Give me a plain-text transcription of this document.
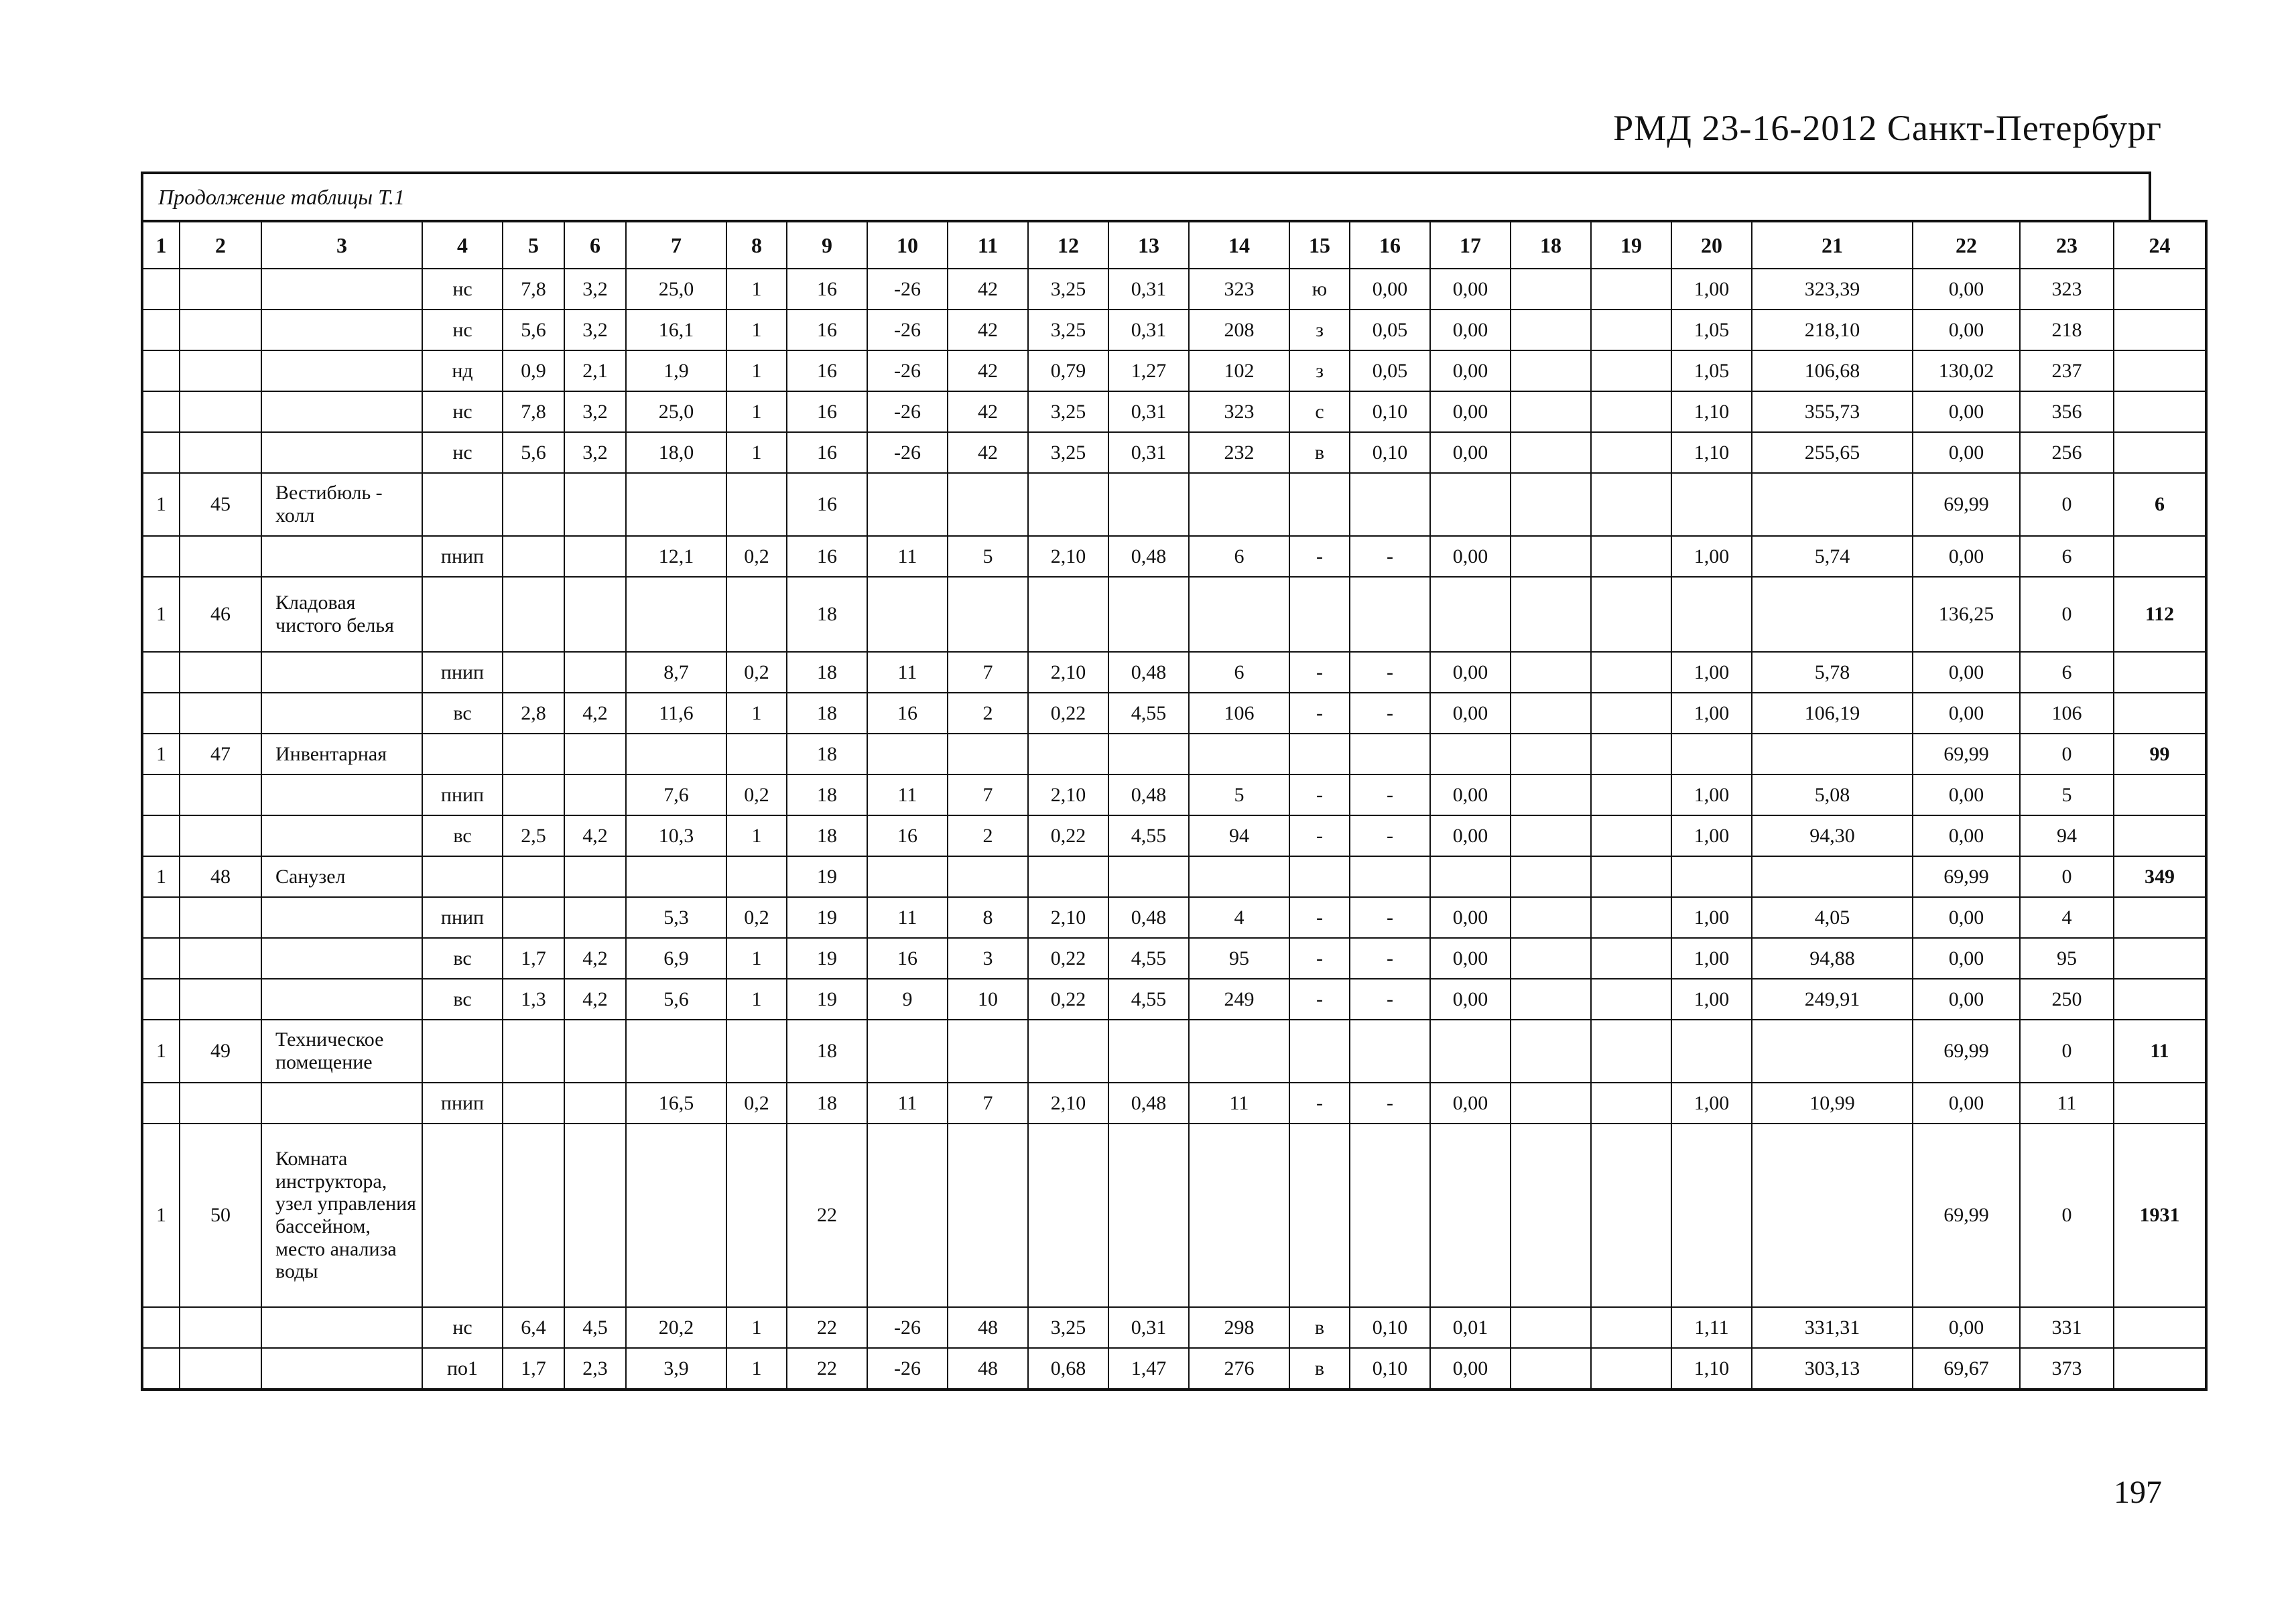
РМД 23-16-2012 Санкт-Петербург
Продолжение таблицы Т.1
1	2	3	4	5	6	7	8	9	10	11	12	13	14	15	16	17	18	19	20	21	22	23	24
			нс	7,8	3,2	25,0	1	16	-26	42	3,25	0,31	323	ю	0,00	0,00			1,00	323,39	0,00	323	
			нс	5,6	3,2	16,1	1	16	-26	42	3,25	0,31	208	з	0,05	0,00			1,05	218,10	0,00	218	
			нд	0,9	2,1	1,9	1	16	-26	42	0,79	1,27	102	з	0,05	0,00			1,05	106,68	130,02	237	
			нс	7,8	3,2	25,0	1	16	-26	42	3,25	0,31	323	с	0,10	0,00			1,10	355,73	0,00	356	
			нс	5,6	3,2	18,0	1	16	-26	42	3,25	0,31	232	в	0,10	0,00			1,10	255,65	0,00	256	
1	45	Вестибюль - холл						16													69,99	0	6
			пнип			12,1	0,2	16	11	5	2,10	0,48	6	-	-	0,00			1,00	5,74	0,00	6	
1	46	Кладовая чистого белья						18													136,25	0	112
			пнип			8,7	0,2	18	11	7	2,10	0,48	6	-	-	0,00			1,00	5,78	0,00	6	
			вс	2,8	4,2	11,6	1	18	16	2	0,22	4,55	106	-	-	0,00			1,00	106,19	0,00	106	
1	47	Инвентарная						18													69,99	0	99
			пнип			7,6	0,2	18	11	7	2,10	0,48	5	-	-	0,00			1,00	5,08	0,00	5	
			вс	2,5	4,2	10,3	1	18	16	2	0,22	4,55	94	-	-	0,00			1,00	94,30	0,00	94	
1	48	Санузел						19													69,99	0	349
			пнип			5,3	0,2	19	11	8	2,10	0,48	4	-	-	0,00			1,00	4,05	0,00	4	
			вс	1,7	4,2	6,9	1	19	16	3	0,22	4,55	95	-	-	0,00			1,00	94,88	0,00	95	
			вс	1,3	4,2	5,6	1	19	9	10	0,22	4,55	249	-	-	0,00			1,00	249,91	0,00	250	
1	49	Техническое помещение						18													69,99	0	11
			пнип			16,5	0,2	18	11	7	2,10	0,48	11	-	-	0,00			1,00	10,99	0,00	11	
1	50	Комната инструктора, узел управления бассейном, место анализа воды						22													69,99	0	1931
			нс	6,4	4,5	20,2	1	22	-26	48	3,25	0,31	298	в	0,10	0,01			1,11	331,31	0,00	331	
			по1	1,7	2,3	3,9	1	22	-26	48	0,68	1,47	276	в	0,10	0,00			1,10	303,13	69,67	373	
197
